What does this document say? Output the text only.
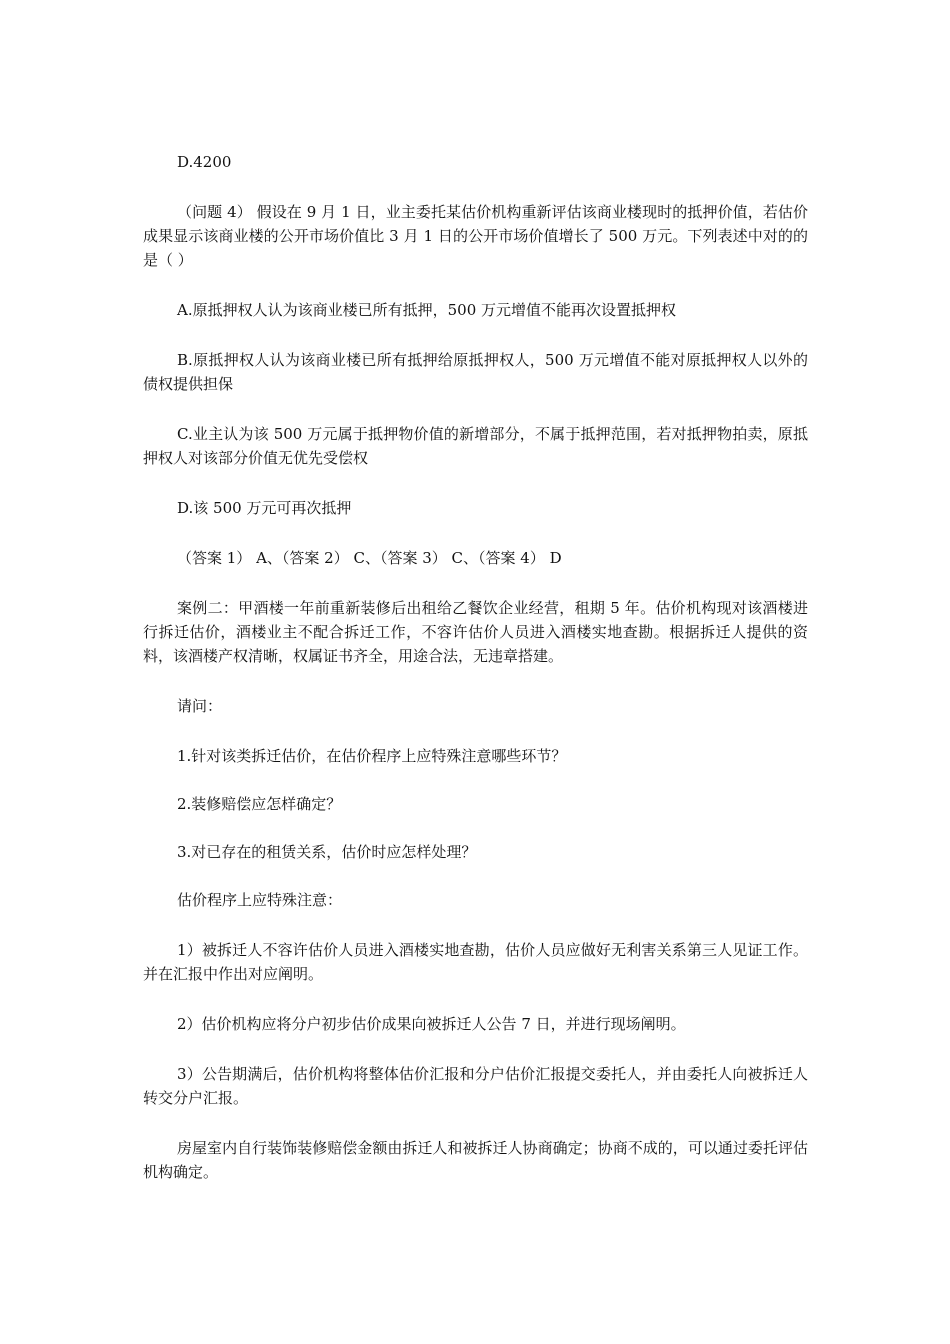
D.4200

（问题 4） 假设在 9 月 1 日，业主委托某估价机构重新评估该商业楼现时的抵押价值，若估价成果显示该商业楼的公开市场价值比 3 月 1 日的公开市场价值增长了 500 万元。下列表述中对的的是（ ）

A.原抵押权人认为该商业楼已所有抵押，500 万元增值不能再次设置抵押权

B.原抵押权人认为该商业楼已所有抵押给原抵押权人，500 万元增值不能对原抵押权人以外的债权提供担保

C.业主认为该 500 万元属于抵押物价值的新增部分，不属于抵押范围，若对抵押物拍卖，原抵押权人对该部分价值无优先受偿权

D.该 500 万元可再次抵押

（答案 1） A、（答案 2） C、（答案 3） C、（答案 4） D

案例二：甲酒楼一年前重新装修后出租给乙餐饮企业经营，租期 5 年。估价机构现对该酒楼进行拆迁估价，酒楼业主不配合拆迁工作，不容许估价人员进入酒楼实地查勘。根据拆迁人提供的资料，该酒楼产权清晰，权属证书齐全，用途合法，无违章搭建。

请问：

1.针对该类拆迁估价，在估价程序上应特殊注意哪些环节？

2.装修赔偿应怎样确定？

3.对已存在的租赁关系，估价时应怎样处理？

估价程序上应特殊注意：

1）被拆迁人不容许估价人员进入酒楼实地查勘，估价人员应做好无利害关系第三人见证工作。并在汇报中作出对应阐明。

2）估价机构应将分户初步估价成果向被拆迁人公告 7 日，并进行现场阐明。

3）公告期满后，估价机构将整体估价汇报和分户估价汇报提交委托人，并由委托人向被拆迁人转交分户汇报。

房屋室内自行装饰装修赔偿金额由拆迁人和被拆迁人协商确定；协商不成的，可以通过委托评估机构确定。
